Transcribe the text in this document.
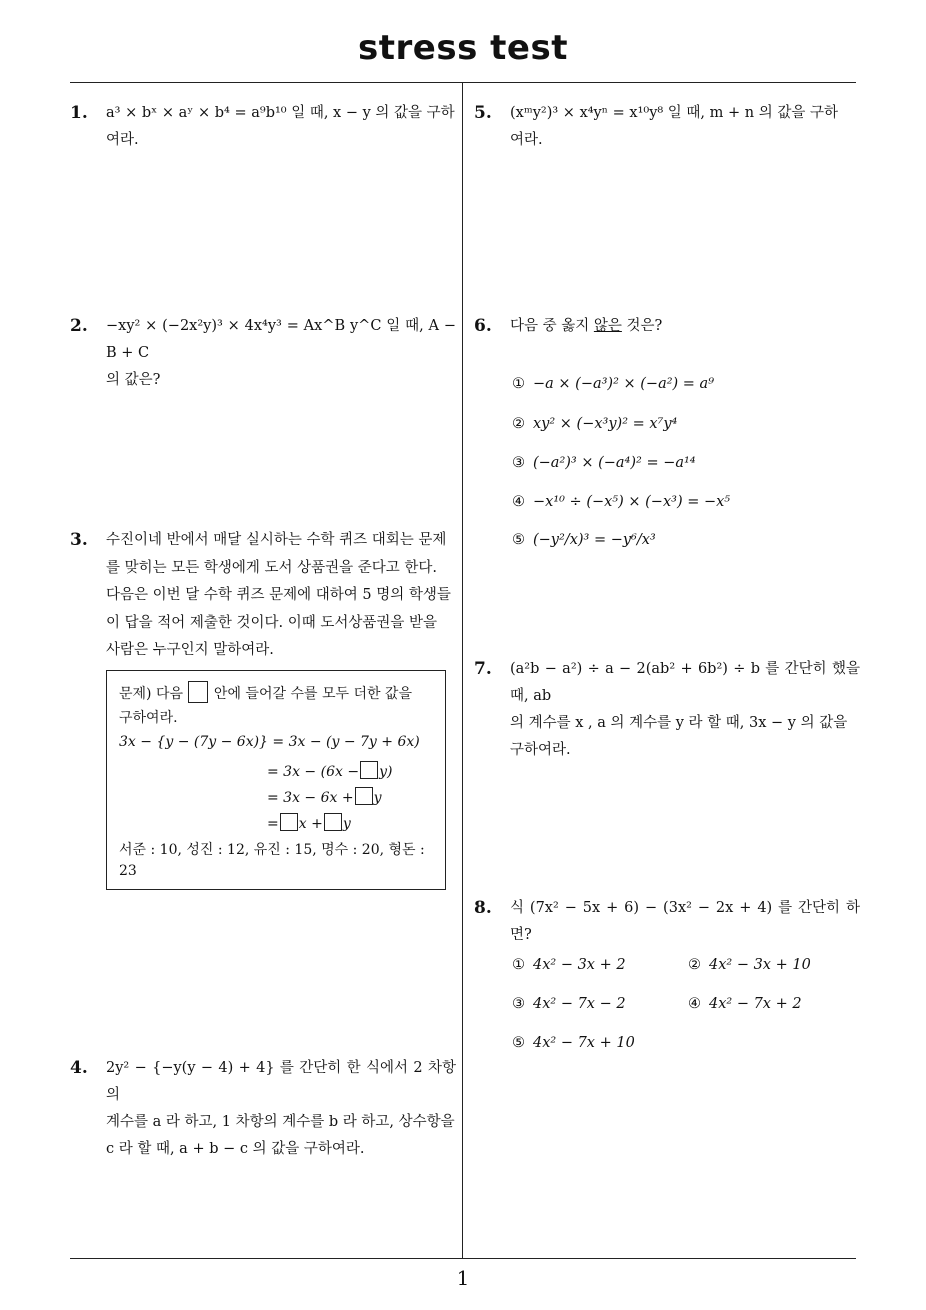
stress test
1
1. a³ × bˣ × aʸ × b⁴ = a⁹b¹⁰ 일 때, x − y 의 값을 구하
여라.
2. −xy² × (−2x²y)³ × 4x⁴y³ = Ax^B y^C 일 때, A − B + C
의 값은?
3. 수진이네 반에서 매달 실시하는 수학 퀴즈 대회는 문제
를 맞히는 모든 학생에게 도서 상품권을 준다고 한다.
다음은 이번 달 수학 퀴즈 문제에 대하여 5 명의 학생들
이 답을 적어 제출한 것이다. 이때 도서상품권을 받을
사람은 누구인지 말하여라.
문제) 다음 안에 들어갈 수를 모두 더한 값을
구하여라.
3x − {y − (7y − 6x)} = 3x − (y − 7y + 6x)
= 3x − (6x − y)
= 3x − 6x + y
= x + y
서준 : 10, 성진 : 12, 유진 : 15, 명수 : 20, 형돈 :
23
4. 2y² − {−y(y − 4) + 4} 를 간단히 한 식에서 2 차항의
계수를 a 라 하고, 1 차항의 계수를 b 라 하고, 상수항을
c 라 할 때, a + b − c 의 값을 구하여라.
5. (xᵐy²)³ × x⁴yⁿ = x¹⁰y⁸ 일 때, m + n 의 값을 구하
여라.
6. 다음 중 옳지 않은 것은?
① −a × (−a³)² × (−a²) = a⁹
② xy² × (−x³y)² = x⁷y⁴
③ (−a²)³ × (−a⁴)² = −a¹⁴
④ −x¹⁰ ÷ (−x⁵) × (−x³) = −x⁵
⑤ (−y²/x)³ = −y⁶/x³
7. (a²b − a²) ÷ a − 2(ab² + 6b²) ÷ b 를 간단히 했을 때, ab
의 계수를 x , a 의 계수를 y 라 할 때, 3x − y 의 값을
구하여라.
8. 식 (7x² − 5x + 6) − (3x² − 2x + 4) 를 간단히 하면?
① 4x² − 3x + 2	② 4x² − 3x + 10
③ 4x² − 7x − 2	④ 4x² − 7x + 2
⑤ 4x² − 7x + 10
